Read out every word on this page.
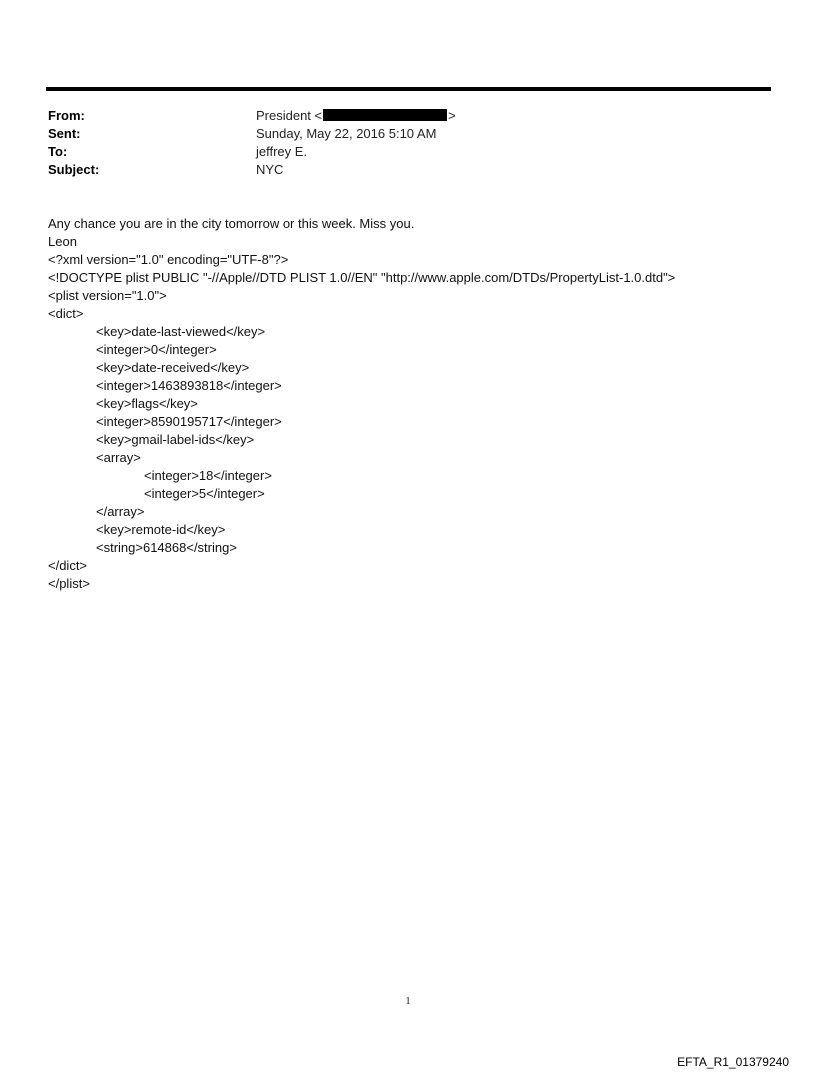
From:	President <	>
Sent:	Sunday, May 22, 2016 5:10 AM
To:	jeffrey E.
Subject:	NYC
Any chance you are in the city tomorrow or this week. Miss you.
Leon
<?xml version="1.0" encoding="UTF-8"?>
<!DOCTYPE plist PUBLIC "-//Apple//DTD PLIST 1.0//EN" "http://www.apple.com/DTDs/PropertyList-1.0.dtd">
<plist version="1.0">
<dict>
<key>date-last-viewed</key>
<integer>0</integer>
<key>date-received</key>
<integer>1463893818</integer>
<key>flags</key>
<integer>8590195717</integer>
<key>gmail-label-ids</key>
<array>
<integer>18</integer>
<integer>5</integer>
</array>
<key>remote-id</key>
<string>614868</string>
</dict>
</plist>
1
EFTA_R1_01379240
